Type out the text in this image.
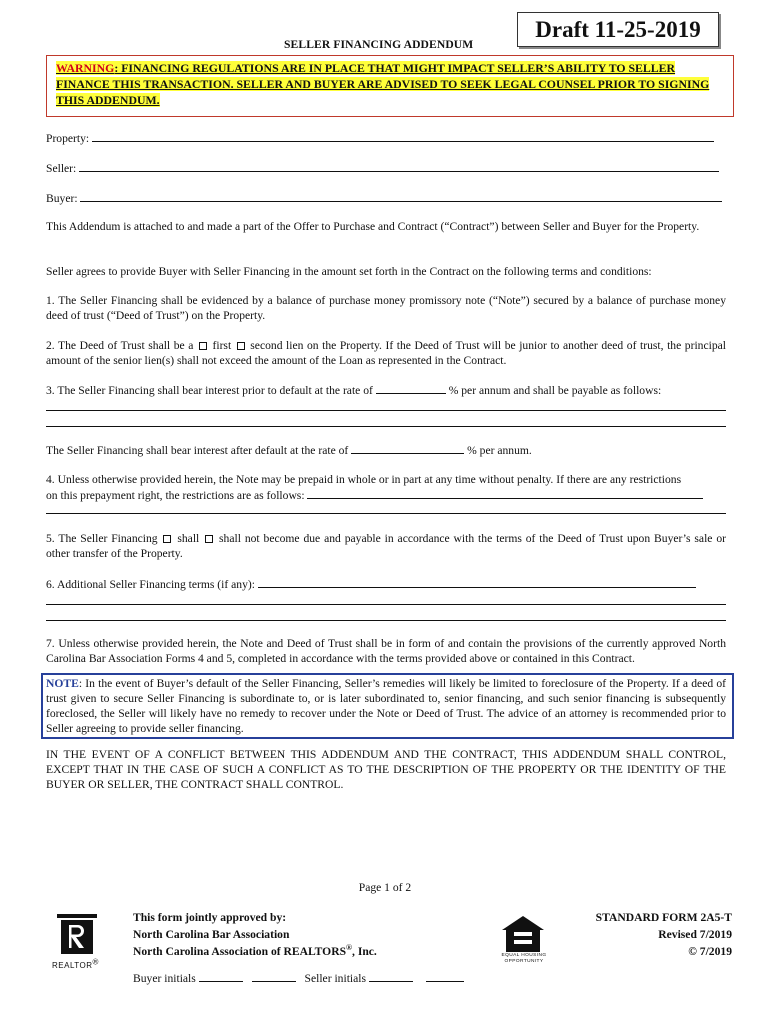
SELLER FINANCING ADDENDUM
Draft 11-25-2019
WARNING: FINANCING REGULATIONS ARE IN PLACE THAT MIGHT IMPACT SELLER’S ABILITY TO SELLER FINANCE THIS TRANSACTION. SELLER AND BUYER ARE ADVISED TO SEEK LEGAL COUNSEL PRIOR TO SIGNING THIS ADDENDUM.
Property:
Seller:
Buyer:
This Addendum is attached to and made a part of the Offer to Purchase and Contract (“Contract”) between Seller and Buyer for the Property.
Seller agrees to provide Buyer with Seller Financing in the amount set forth in the Contract on the following terms and conditions:
1. The Seller Financing shall be evidenced by a balance of purchase money promissory note (“Note”) secured by a balance of purchase money deed of trust (“Deed of Trust”) on the Property.
2. The Deed of Trust shall be a first second lien on the Property. If the Deed of Trust will be junior to another deed of trust, the principal amount of the senior lien(s) shall not exceed the amount of the Loan as represented in the Contract.
3. The Seller Financing shall bear interest prior to default at the rate of	% per annum and shall be payable as follows:
The Seller Financing shall bear interest after default at the rate of	% per annum.
4. Unless otherwise provided herein, the Note may be prepaid in whole or in part at any time without penalty. If there are any restrictions
on this prepayment right, the restrictions are as follows:
5. The Seller Financing shall shall not become due and payable in accordance with the terms of the Deed of Trust upon Buyer’s sale or other transfer of the Property.
6. Additional Seller Financing terms (if any):
7. Unless otherwise provided herein, the Note and Deed of Trust shall be in form of and contain the provisions of the currently approved North Carolina Bar Association Forms 4 and 5, completed in accordance with the terms provided above or contained in this Contract.
NOTE: In the event of Buyer’s default of the Seller Financing, Seller’s remedies will likely be limited to foreclosure of the Property. If a deed of trust given to secure Seller Financing is subordinate to, or is later subordinated to, senior financing, and such senior financing is subsequently foreclosed, the Seller will likely have no remedy to recover under the Note or Deed of Trust. The advice of an attorney is recommended prior to Seller agreeing to provide seller financing.
IN THE EVENT OF A CONFLICT BETWEEN THIS ADDENDUM AND THE CONTRACT, THIS ADDENDUM SHALL CONTROL, EXCEPT THAT IN THE CASE OF SUCH A CONFLICT AS TO THE DESCRIPTION OF THE PROPERTY OR THE IDENTITY OF THE BUYER OR SELLER, THE CONTRACT SHALL CONTROL.
Page 1 of 2
REALTOR®
This form jointly approved by:
North Carolina Bar Association
North Carolina Association of REALTORS®, Inc.	EQUAL HOUSING
OPPORTUNITY
STANDARD FORM 2A5-T
Revised 7/2019
© 7/2019
Buyer initials	Seller initials
